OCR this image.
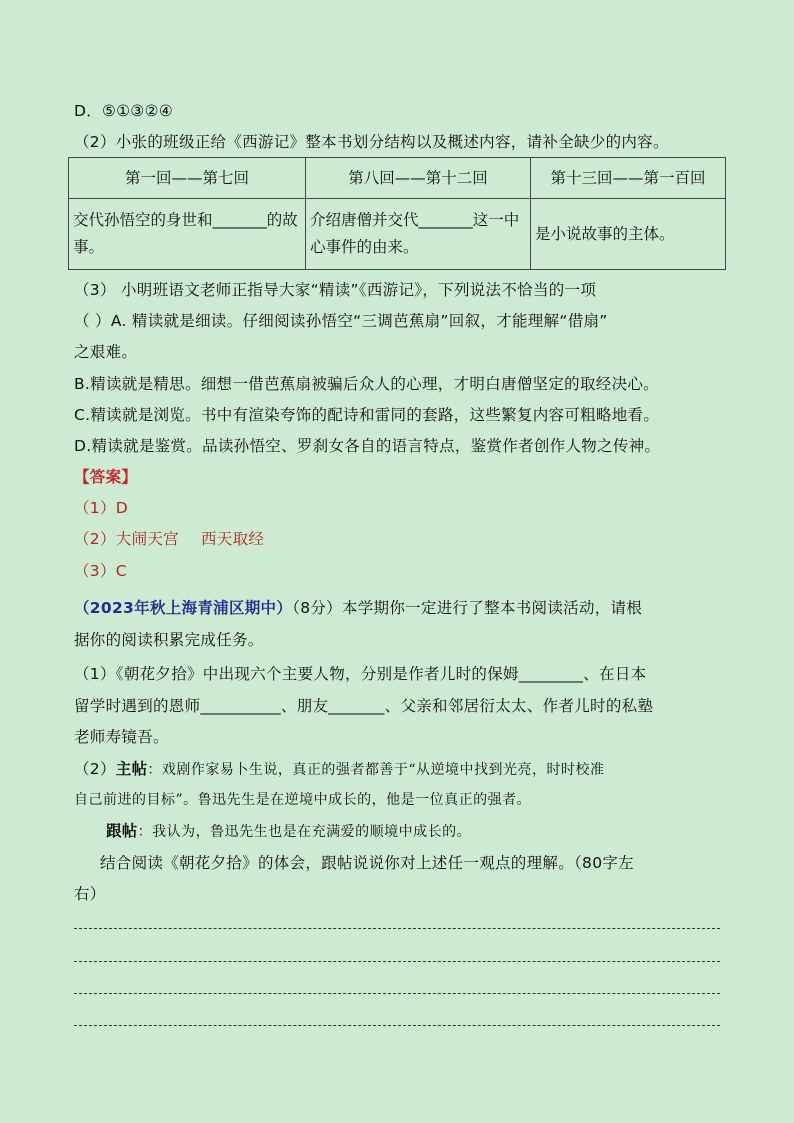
D．⑤①③②④
（2）小张的班级正给《西游记》整本书划分结构以及概述内容，请补全缺少的内容。
第一回——第七回	第八回——第十二回	第十三回——第一百回
交代孙悟空的身世和_______的故事。	介绍唐僧并交代_______这一中心事件的由来。	是小说故事的主体。
（3） 小明班语文老师正指导大家“精读”《西游记》，下列说法不恰当的一项
（ ）A. 精读就是细读。仔细阅读孙悟空“三调芭蕉扇”回叙，才能理解“借扇”
之艰难。
B.精读就是精思。细想一借芭蕉扇被骗后众人的心理，才明白唐僧坚定的取经决心。
C.精读就是浏览。书中有渲染夸饰的配诗和雷同的套路，这些繁复内容可粗略地看。
D.精读就是鉴赏。品读孙悟空、罗刹女各自的语言特点，鉴赏作者创作人物之传神。
【答案】
（1）D
（2）大闹天宫 西天取经
（3）C
（2023年秋上海青浦区期中）（8分）本学期你一定进行了整本书阅读活动，请根
据你的阅读积累完成任务。
（1）《朝花夕拾》中出现六个主要人物，分别是作者儿时的保姆________、在日本
留学时遇到的恩师__________、朋友_______、父亲和邻居衍太太、作者儿时的私塾
老师寿镜吾。
（2）主帖：戏剧作家易卜生说，真正的强者都善于“从逆境中找到光亮，时时校准
自己前进的目标”。鲁迅先生是在逆境中成长的，他是一位真正的强者。
跟帖：我认为，鲁迅先生也是在充满爱的顺境中成长的。
结合阅读《朝花夕拾》的体会，跟帖说说你对上述任一观点的理解。（80字左
右）
